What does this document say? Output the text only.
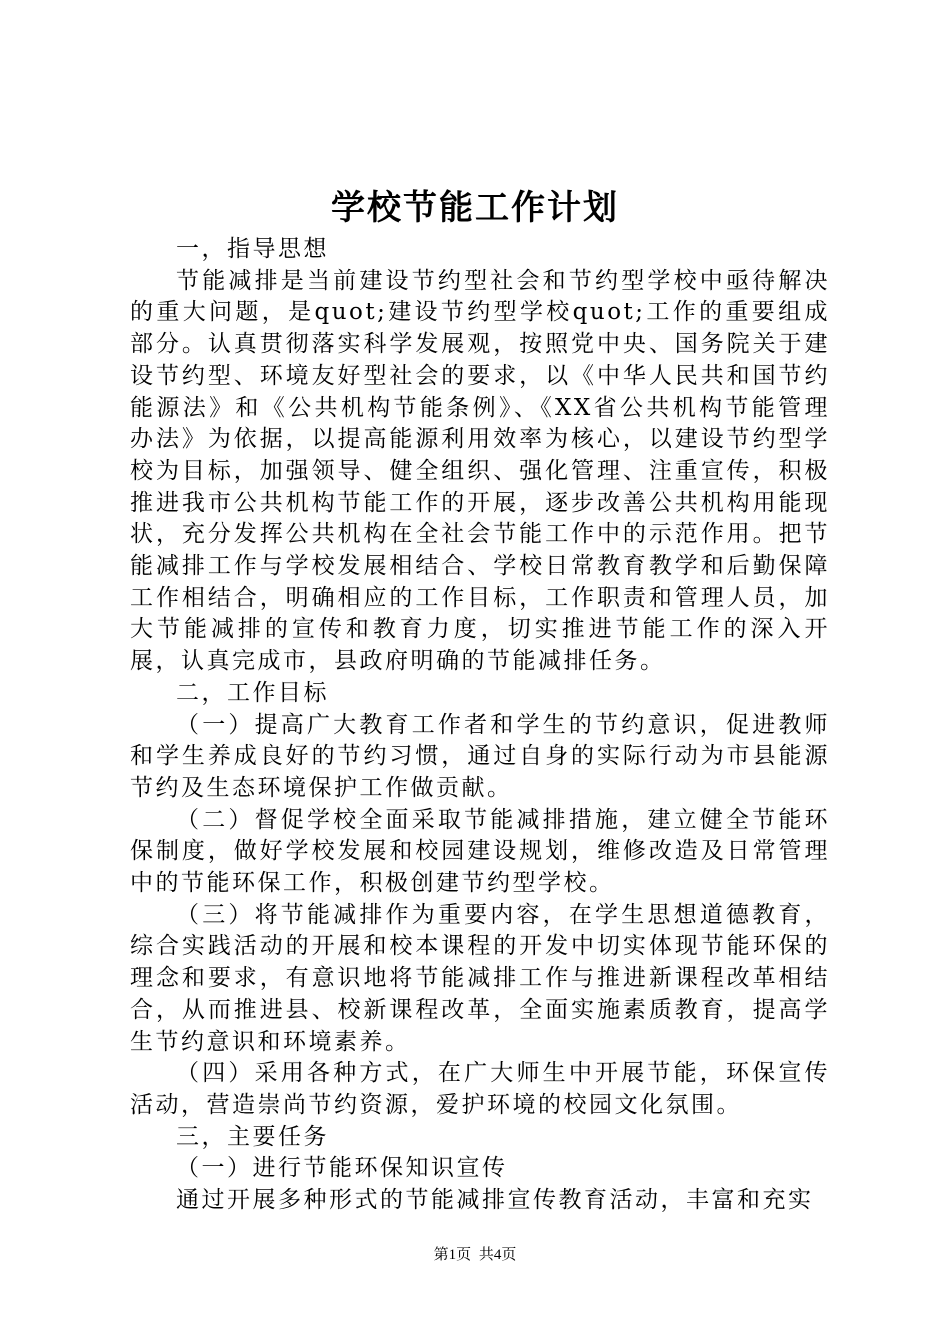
学校节能工作计划

一，指导思想

节能减排是当前建设节约型社会和节约型学校中亟待解决的重大问题，是quot;建设节约型学校quot;工作的重要组成部分。认真贯彻落实科学发展观，按照党中央、国务院关于建设节约型、环境友好型社会的要求，以《中华人民共和国节约能源法》和《公共机构节能条例》、《XX省公共机构节能管理办法》为依据，以提高能源利用效率为核心，以建设节约型学校为目标，加强领导、健全组织、强化管理、注重宣传，积极推进我市公共机构节能工作的开展，逐步改善公共机构用能现状，充分发挥公共机构在全社会节能工作中的示范作用。把节能减排工作与学校发展相结合、学校日常教育教学和后勤保障工作相结合，明确相应的工作目标，工作职责和管理人员，加大节能减排的宣传和教育力度，切实推进节能工作的深入开展，认真完成市，县政府明确的节能减排任务。

二，工作目标

（一）提高广大教育工作者和学生的节约意识，促进教师和学生养成良好的节约习惯，通过自身的实际行动为市县能源节约及生态环境保护工作做贡献。

（二）督促学校全面采取节能减排措施，建立健全节能环保制度，做好学校发展和校园建设规划，维修改造及日常管理中的节能环保工作，积极创建节约型学校。

（三）将节能减排作为重要内容，在学生思想道德教育，综合实践活动的开展和校本课程的开发中切实体现节能环保的理念和要求，有意识地将节能减排工作与推进新课程改革相结合，从而推进县、校新课程改革，全面实施素质教育，提高学生节约意识和环境素养。

（四）采用各种方式，在广大师生中开展节能，环保宣传活动，营造崇尚节约资源，爱护环境的校园文化氛围。

三，主要任务

（一）进行节能环保知识宣传

通过开展多种形式的节能减排宣传教育活动，丰富和充实

第1页 共4页
